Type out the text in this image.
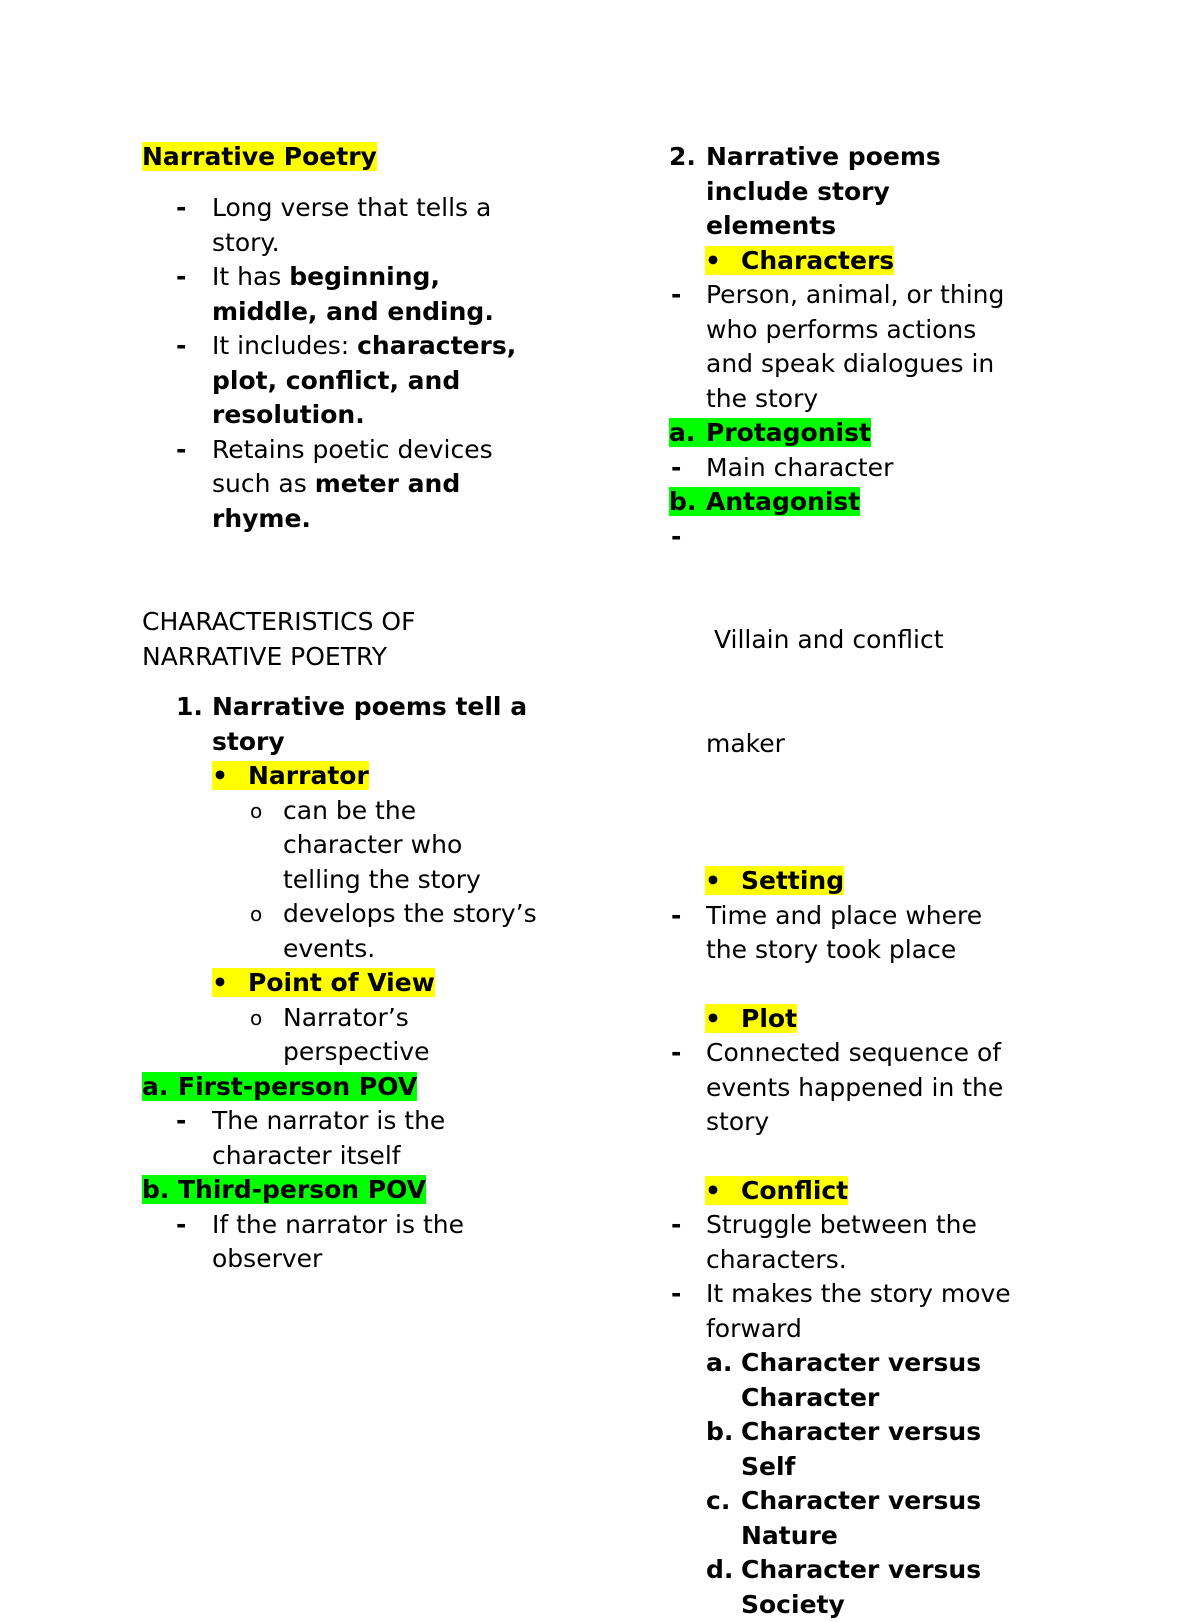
Narrative Poetry
- Long verse that tells a
story.
- It has beginning,
middle, and ending.
- It includes: characters,
plot, conflict, and
resolution.
- Retains poetic devices
such as meter and
rhyme.
CHARACTERISTICS OF
NARRATIVE POETRY
1. Narrative poems tell a
story
• Narrator
o can be the
character who
telling the story
o develops the story’s
events.
• Point of View
o Narrator’s
perspective
a. First-person POV
- The narrator is the
character itself
b. Third-person POV
- If the narrator is the
observer
2. Narrative poems
include story
elements
• Characters
- Person, animal, or thing
who performs actions
and speak dialogues in
the story
a. Protagonist
- Main character
b. Antagonist

-

Villain and conflict

maker

• Setting
- Time and place where
the story took place
• Plot
- Connected sequence of
events happened in the
story
• Conflict
- Struggle between the
characters.
- It makes the story move
forward
a. Character versus
Character
b. Character versus
Self
c. Character versus
Nature
d. Character versus
Society
